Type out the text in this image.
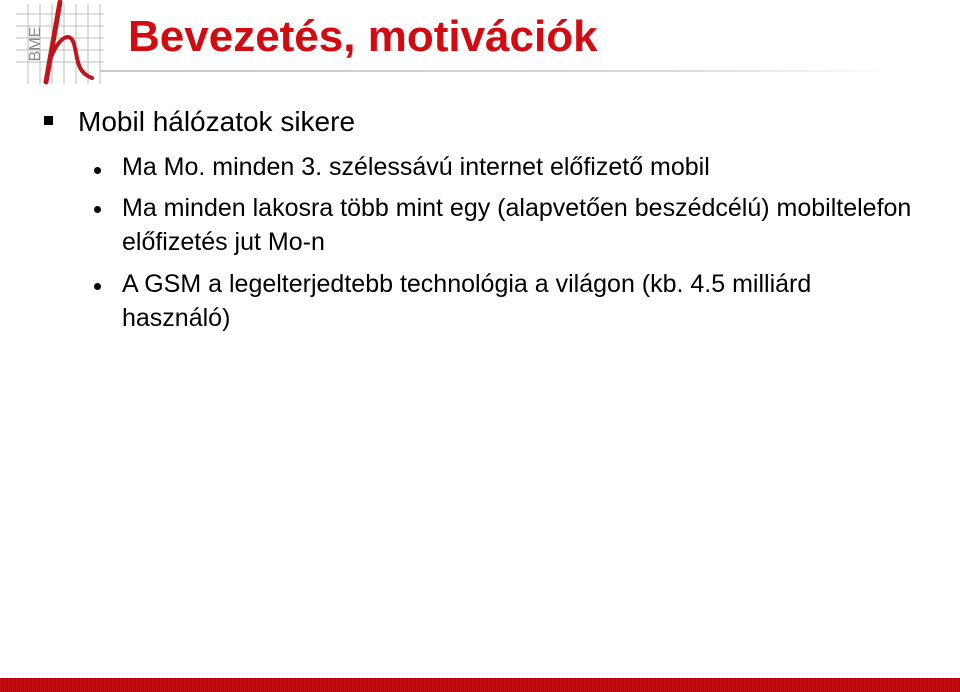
BME Bevezetés, motivációk
Mobil hálózatok sikere
Ma Mo. minden 3. szélessávú internet előfizető mobil
Ma minden lakosra több mint egy (alapvetően beszédcélú) mobiltelefon előfizetés jut Mo-n
A GSM a legelterjedtebb technológia a világon (kb. 4.5 milliárd használó)
